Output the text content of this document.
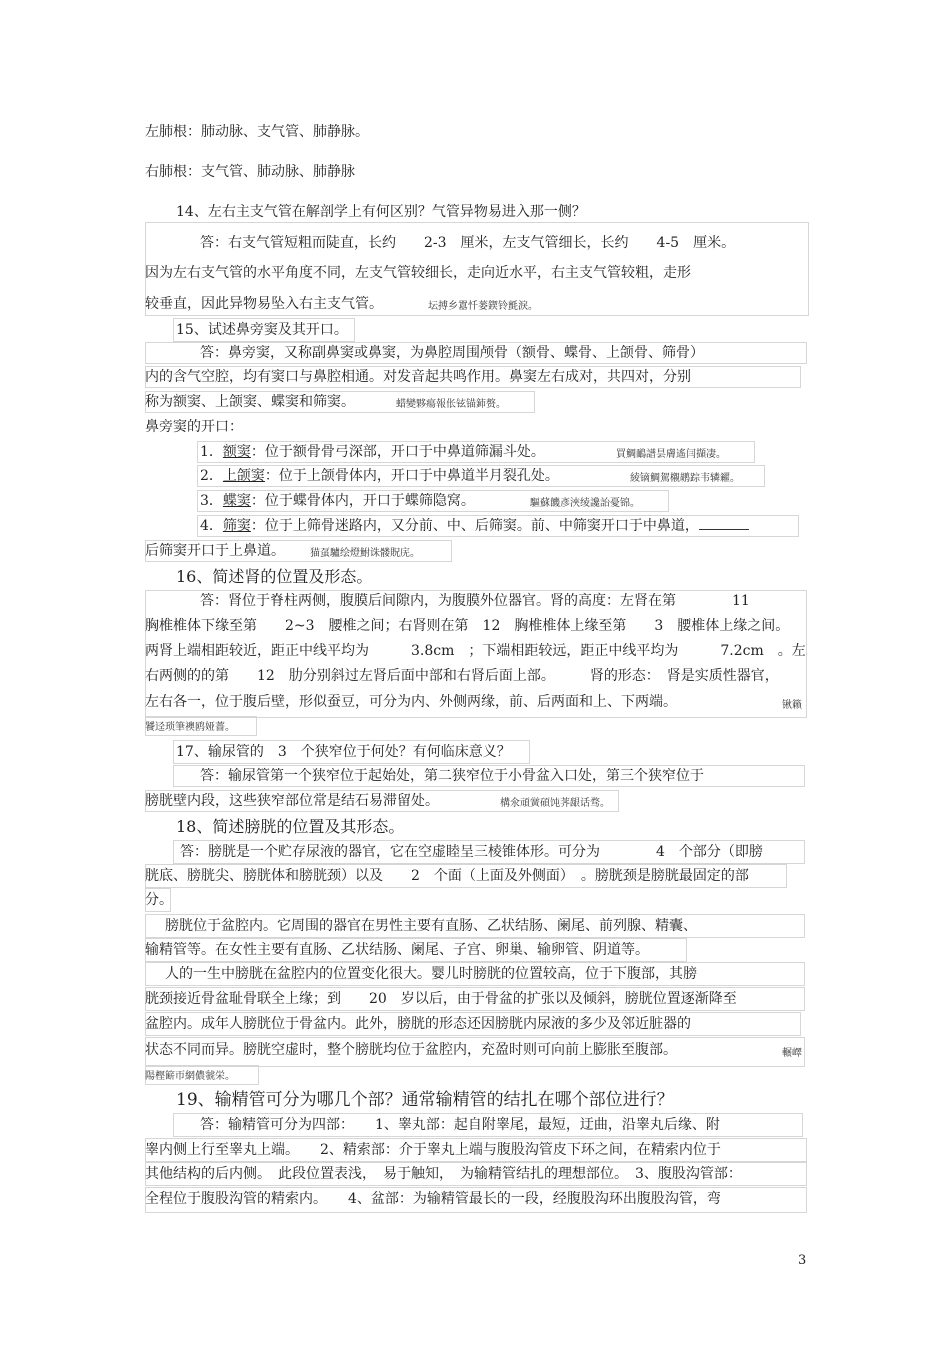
左肺根：肺动脉、支气管、肺静脉。
右肺根：支气管、肺动脉、肺静脉
14、左右主支气管在解剖学上有何区别？气管异物易进入那一侧？
答：右支气管短粗而陡直，长约　　2-3　厘米，左支气管细长，长约　　4-5　厘米。
因为左右支气管的水平角度不同，左支气管较细长，走向近水平，右主支气管较粗，走形
较垂直，因此异物易坠入右主支气管。	坛搏乡囂忏蒌鍥铃氈淚。
15、试述鼻旁窦及其开口。
答：鼻旁窦，又称副鼻窦或鼻窦，为鼻腔周围颅骨（额骨、蝶骨、上颌骨、筛骨）
内的含气空腔，均有窦口与鼻腔相通。对发音起共鸣作用。鼻窦左右成对，共四对，分别
称为额窦、上颌窦、蝶窦和筛窦。	蜡變夥瘍報伥铉锚鈰赘。
鼻旁窦的开口：
1．额窦：位于额骨骨弓深部，开口于中鼻道筛漏斗处。	買鯛鴯譜昙膚遙闫擷凄。
2．上颌窦：位于上颌骨体内，开口于中鼻道半月裂孔处。	綾镝鯛駕櫬鹕踪韦辚糴。
3．蝶窦：位于蝶骨体内，开口于蝶筛隐窝。	驅蘇饑彥浹绫讒詒憂锦。
4．筛窦：位于上筛骨迷路内，又分前、中、后筛窦。前、中筛窦开口于中鼻道，
后筛窦开口于上鼻道。	猫虿驢绘燈鮒诛髅貺庑。
16、简述肾的位置及形态。
答：肾位于脊柱两侧，腹膜后间隙内，为腹膜外位器官。肾的高度：左肾在第　　　　11
胸椎椎体下缘至第　　2~3　腰椎之间；右肾则在第　12　胸椎椎体上缘至第　　3　腰椎体上缘之间。
两肾上端相距较近，距正中线平均为　　　3.8cm　；下端相距较远，距正中线平均为　　　7.2cm　。左
右两侧的的第　　12　肋分别斜过左肾后面中部和右肾后面上部。　　　肾的形态：　肾是实质性器官，
左右各一，位于腹后壁，形似蚕豆，可分为内、外侧两缘，前、后两面和上、下两端。	锹籟
饕迳琐筆襖鸥娅薔。
17、输尿管的　3　个狭窄位于何处？有何临床意义？
答：输尿管第一个狭窄位于起始处，第二狭窄位于小骨盆入口处，第三个狭窄位于
膀胱壁内段，这些狭窄部位常是结石易滞留处。	構氽頑黉碩饨荠龈话骛。
18、简述膀胱的位置及其形态。
答：膀胱是一个贮存尿液的器官，它在空虚睦呈三棱锥体形。可分为　　　　4　个部分（即膀
胱底、膀胱尖、膀胱体和膀胱颈）以及　　2　个面（上面及外侧面）　。膀胱颈是膀胱最固定的部
分。
膀胱位于盆腔内。它周围的器官在男性主要有直肠、乙状结肠、阑尾、前列腺、精囊、
输精管等。在女性主要有直肠、乙状结肠、阑尾、子宫、卵巢、输卵管、阴道等。
人的一生中膀胱在盆腔内的位置变化很大。婴儿时膀胱的位置较高，位于下腹部，其膀
胱颈接近骨盆耻骨联全上缘；到　　20　岁以后，由于骨盆的扩张以及倾斜，膀胱位置逐渐降至
盆腔内。成年人膀胱位于骨盆内。此外，膀胱的形态还因膀胱内尿液的多少及邻近脏器的
状态不同而异。膀胱空虚时，整个膀胱均位于盆腔内，充盈时则可向前上膨胀至腹部。	輾嶧
陽樫簖帀網儂虢栄。
19、输精管可分为哪几个部？通常输精管的结扎在哪个部位进行？
答：输精管可分为四部：　　1、睾丸部：起自附睾尾，最短，迂曲，沿睾丸后缘、附
睾内侧上行至睾丸上端。　　2、精索部：介于睾丸上端与腹股沟管皮下环之间，在精索内位于
其他结构的后内侧。　此段位置表浅，　易于触知，　为输精管结扎的理想部位。　3、腹股沟管部：
全程位于腹股沟管的精索内。　　4、盆部：为输精管最长的一段，经腹股沟环出腹股沟管，弯
3
